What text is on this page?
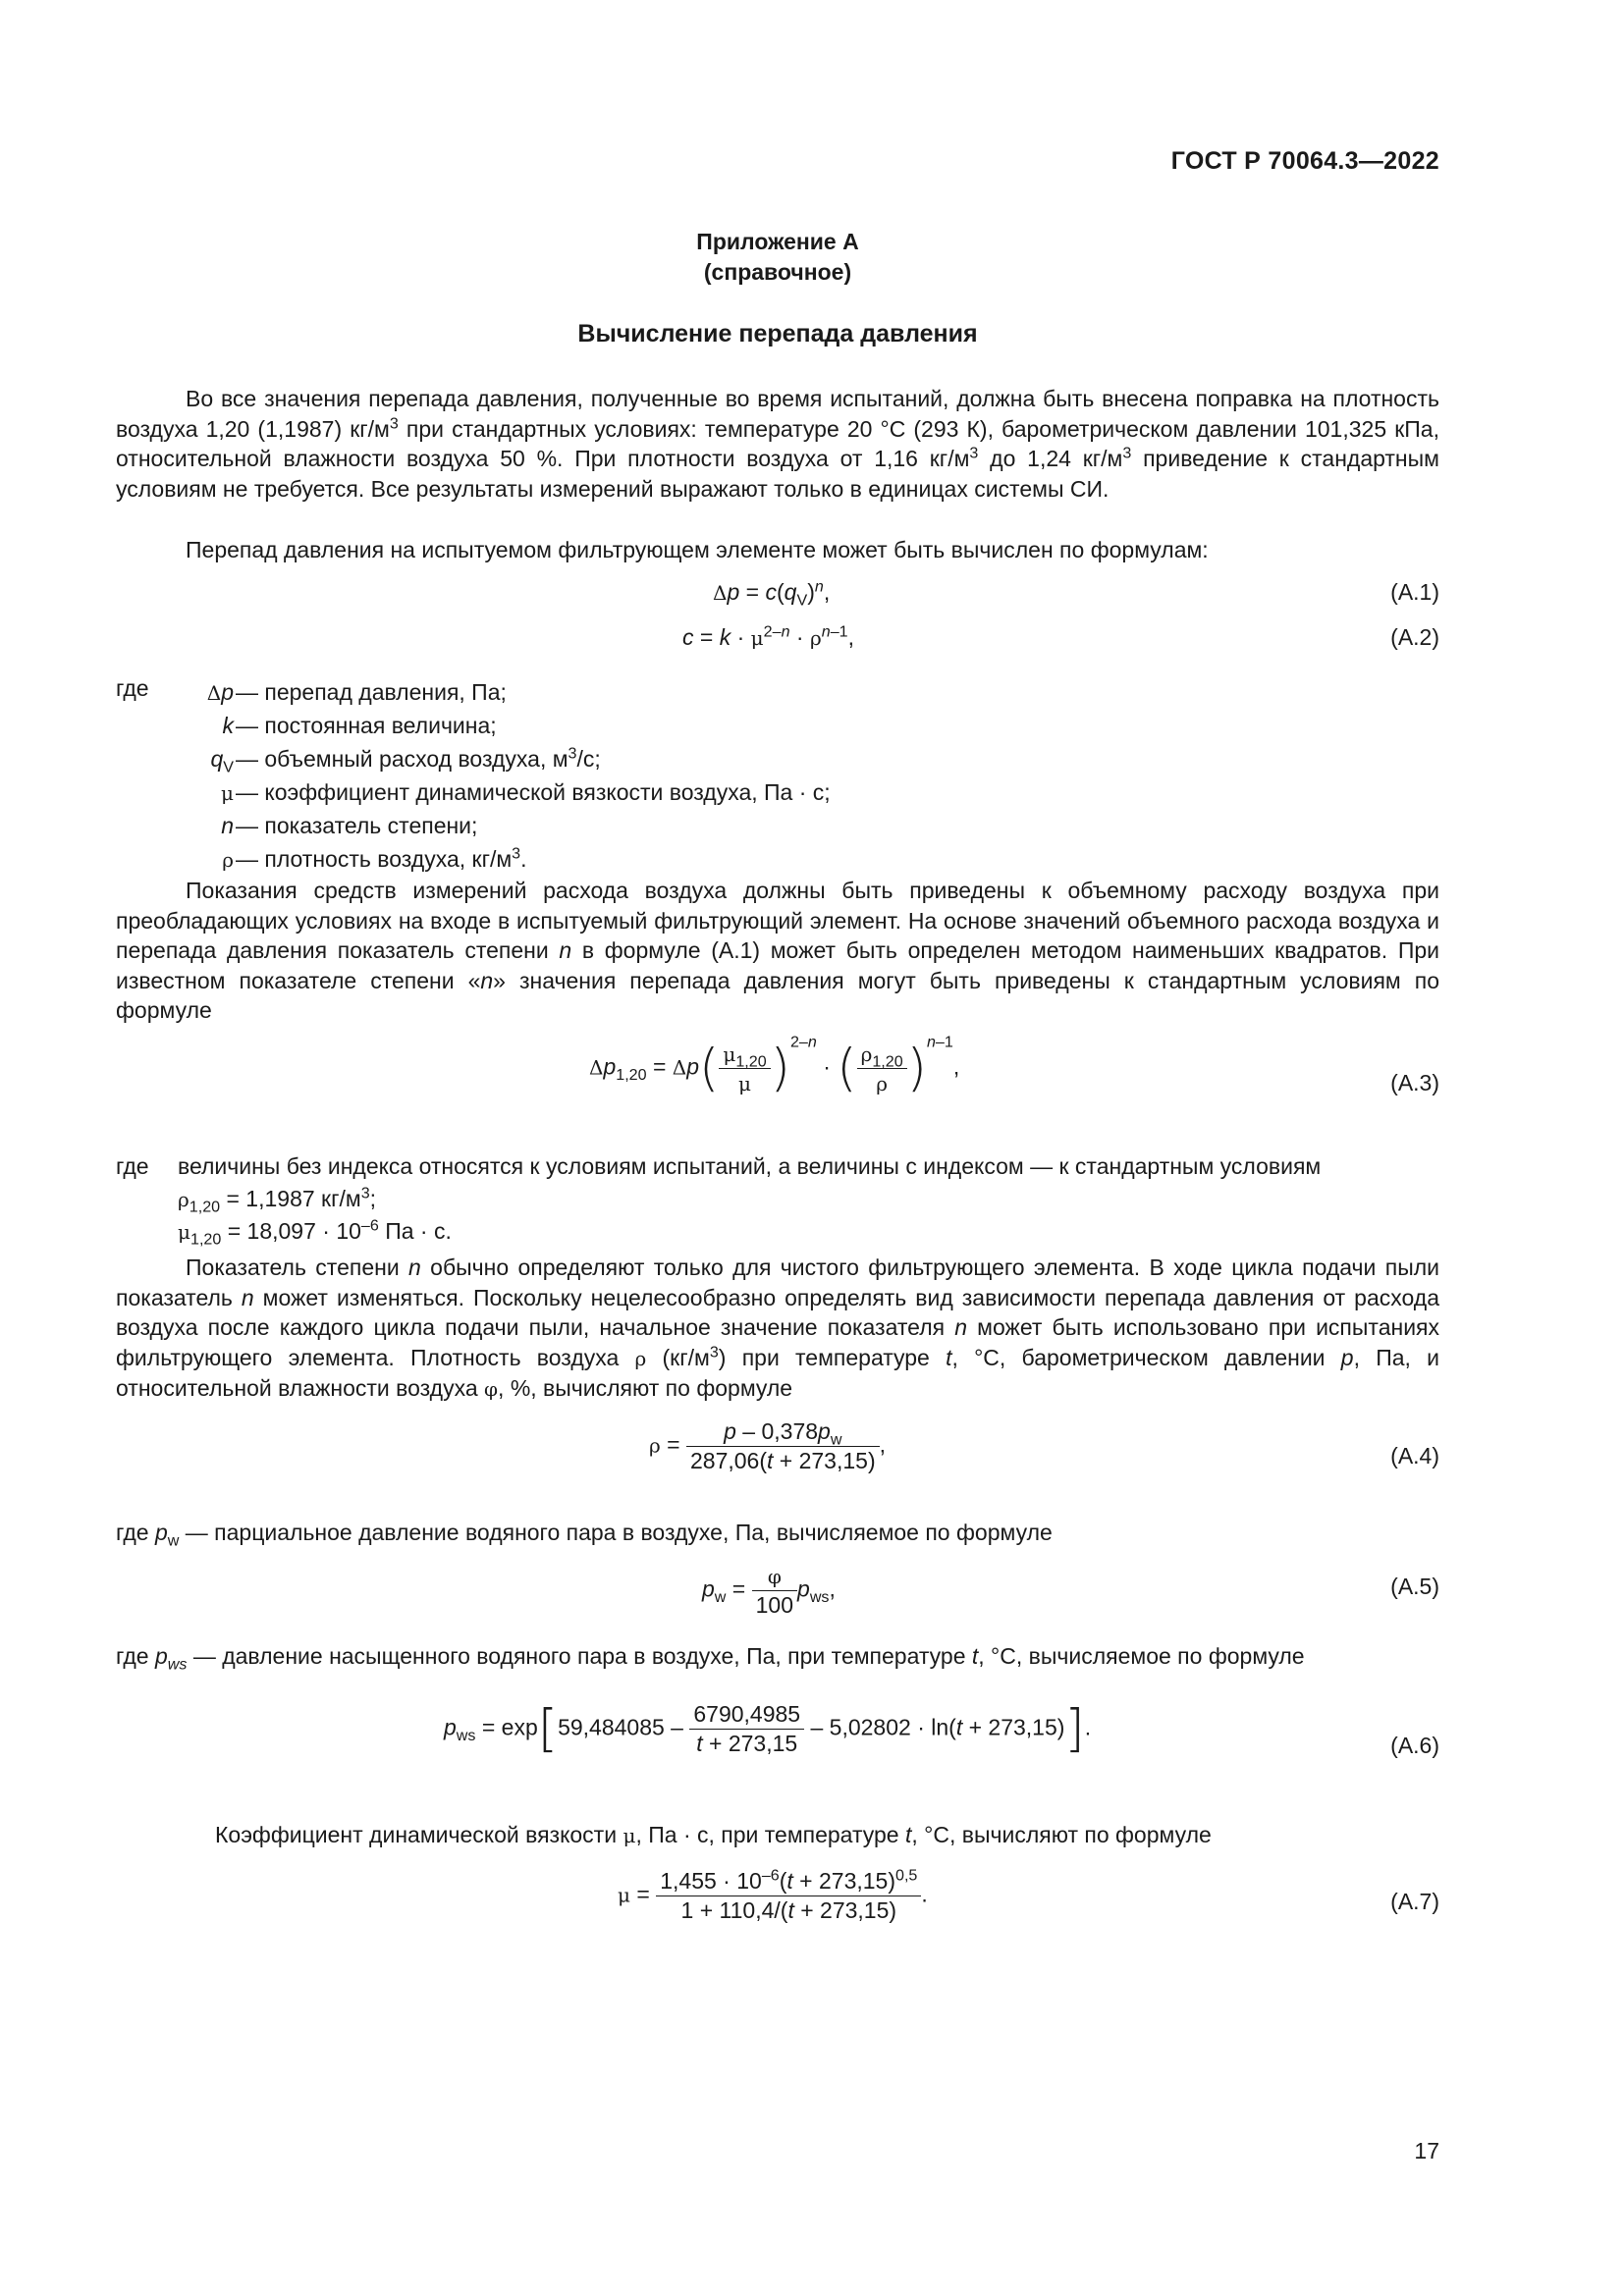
ГОСТ Р 70064.3—2022
Приложение А
(справочное)
Вычисление перепада давления
Во все значения перепада давления, полученные во время испытаний, должна быть внесена поправка на плотность воздуха 1,20 (1,1987) $кг/м^3$ при стандартных условиях: температуре 20 °С (293 К), барометрическом давлении 101,325 кПа, относительной влажности воздуха 50 %. При плотности воздуха от 1,16 $кг/м^3$ до 1,24 $кг/м^3$ приведение к стандартным условиям не требуется. Все результаты измерений выражают только в единицах системы СИ.
Перепад давления на испытуемом фильтрующем элементе может быть вычислен по формулам:
$\Delta p = c(q_V)^n$,	(А.1)
$c = k \cdot \mu^{2-n} \cdot \rho^{n-1}$,	(А.2)
где	Δp — перепад давления, Па;
k — постоянная величина;
$q_V$ — объемный расход воздуха, $м^3/с$;
μ — коэффициент динамической вязкости воздуха, Па · с;
n — показатель степени;
ρ — плотность воздуха, $кг/м^3$.
Показания средств измерений расхода воздуха должны быть приведены к объемному расходу воздуха при преобладающих условиях на входе в испытуемый фильтрующий элемент. На основе значений объемного расхода воздуха и перепада давления показатель степени n в формуле (А.1) может быть определен методом наименьших квадратов. При известном показателе степени «n» значения перепада давления могут быть приведены к стандартным условиям по формуле
$\Delta p_{1,20} = \Delta p( \frac{\mu_{1,20}}{\mu} )^{2-n}$ · ( $\frac{\rho_{1,20}}{\rho} )^{n-1}$,
(А.3)
где величины без индекса относятся к условиям испытаний, а величины с индексом — к стандартным условиям
$\rho_{1,20} = 1,1987$ $кг/м^3$;
$\mu_{1,20} = 18,097 \cdot 10^{-6}$ Па · с.
Показатель степени n обычно определяют только для чистого фильтрующего элемента. В ходе цикла подачи пыли показатель n может изменяться. Поскольку нецелесообразно определять вид зависимости перепада давления от расхода воздуха после каждого цикла подачи пыли, начальное значение показателя n может быть использовано при испытаниях фильтрующего элемента. Плотность воздуха ρ $(кг/м^3)$ при температуре t, °С, барометрическом давлении p, Па, и относительной влажности воздуха φ, %, вычисляют по формуле
$\rho = \frac{p - 0,378p_w}{287,06(t + 273,15)}$ ,	(А.4)
где $p_w$ — парциальное давление водяного пара в воздухе, Па, вычисляемое по формуле
$p_w = \frac{\varphi}{100} p_{ws}$,	(А.5)
где $p_{ws}$ — давление насыщенного водяного пара в воздухе, Па, при температуре t, °С, вычисляемое по формуле
$p_{ws} = \exp[59,484085 - \frac{6790,4985}{t + 273,15} - 5,02802 \cdot \ln(t + 273,15)]$.
(А.6)
Коэффициент динамической вязкости μ, Па · с, при температуре t, °С, вычисляют по формуле
$\mu = \frac{1,455 \cdot 10^{-6}(t + 273,15)^{0,5}}{1 + 110,4/(t + 273,15)}$ .	(А.7)
17
